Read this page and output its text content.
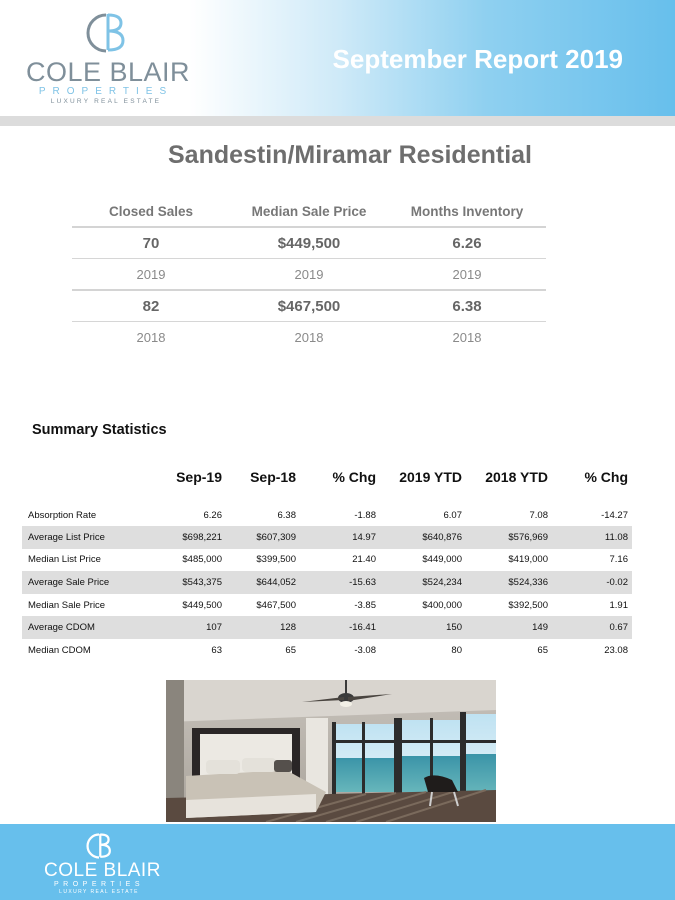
COLE BLAIR
PROPERTIES
LUXURY REAL ESTATE
September Report 2019
Sandestin/Miramar Residential
Closed Sales	Median Sale Price	Months Inventory
70	$449,500	6.26
2019	2019	2019
82	$467,500	6.38
2018	2018	2018
Summary Statistics
	Sep-19	Sep-18	% Chg	2019 YTD	2018 YTD	% Chg
Absorption Rate	6.26	6.38	-1.88	6.07	7.08	-14.27
Average List Price	$698,221	$607,309	14.97	$640,876	$576,969	11.08
Median List Price	$485,000	$399,500	21.40	$449,000	$419,000	7.16
Average Sale Price	$543,375	$644,052	-15.63	$524,234	$524,336	-0.02
Median Sale Price	$449,500	$467,500	-3.85	$400,000	$392,500	1.91
Average CDOM	107	128	-16.41	150	149	0.67
Median CDOM	63	65	-3.08	80	65	23.08
COLE BLAIR
PROPERTIES
LUXURY REAL ESTATE
